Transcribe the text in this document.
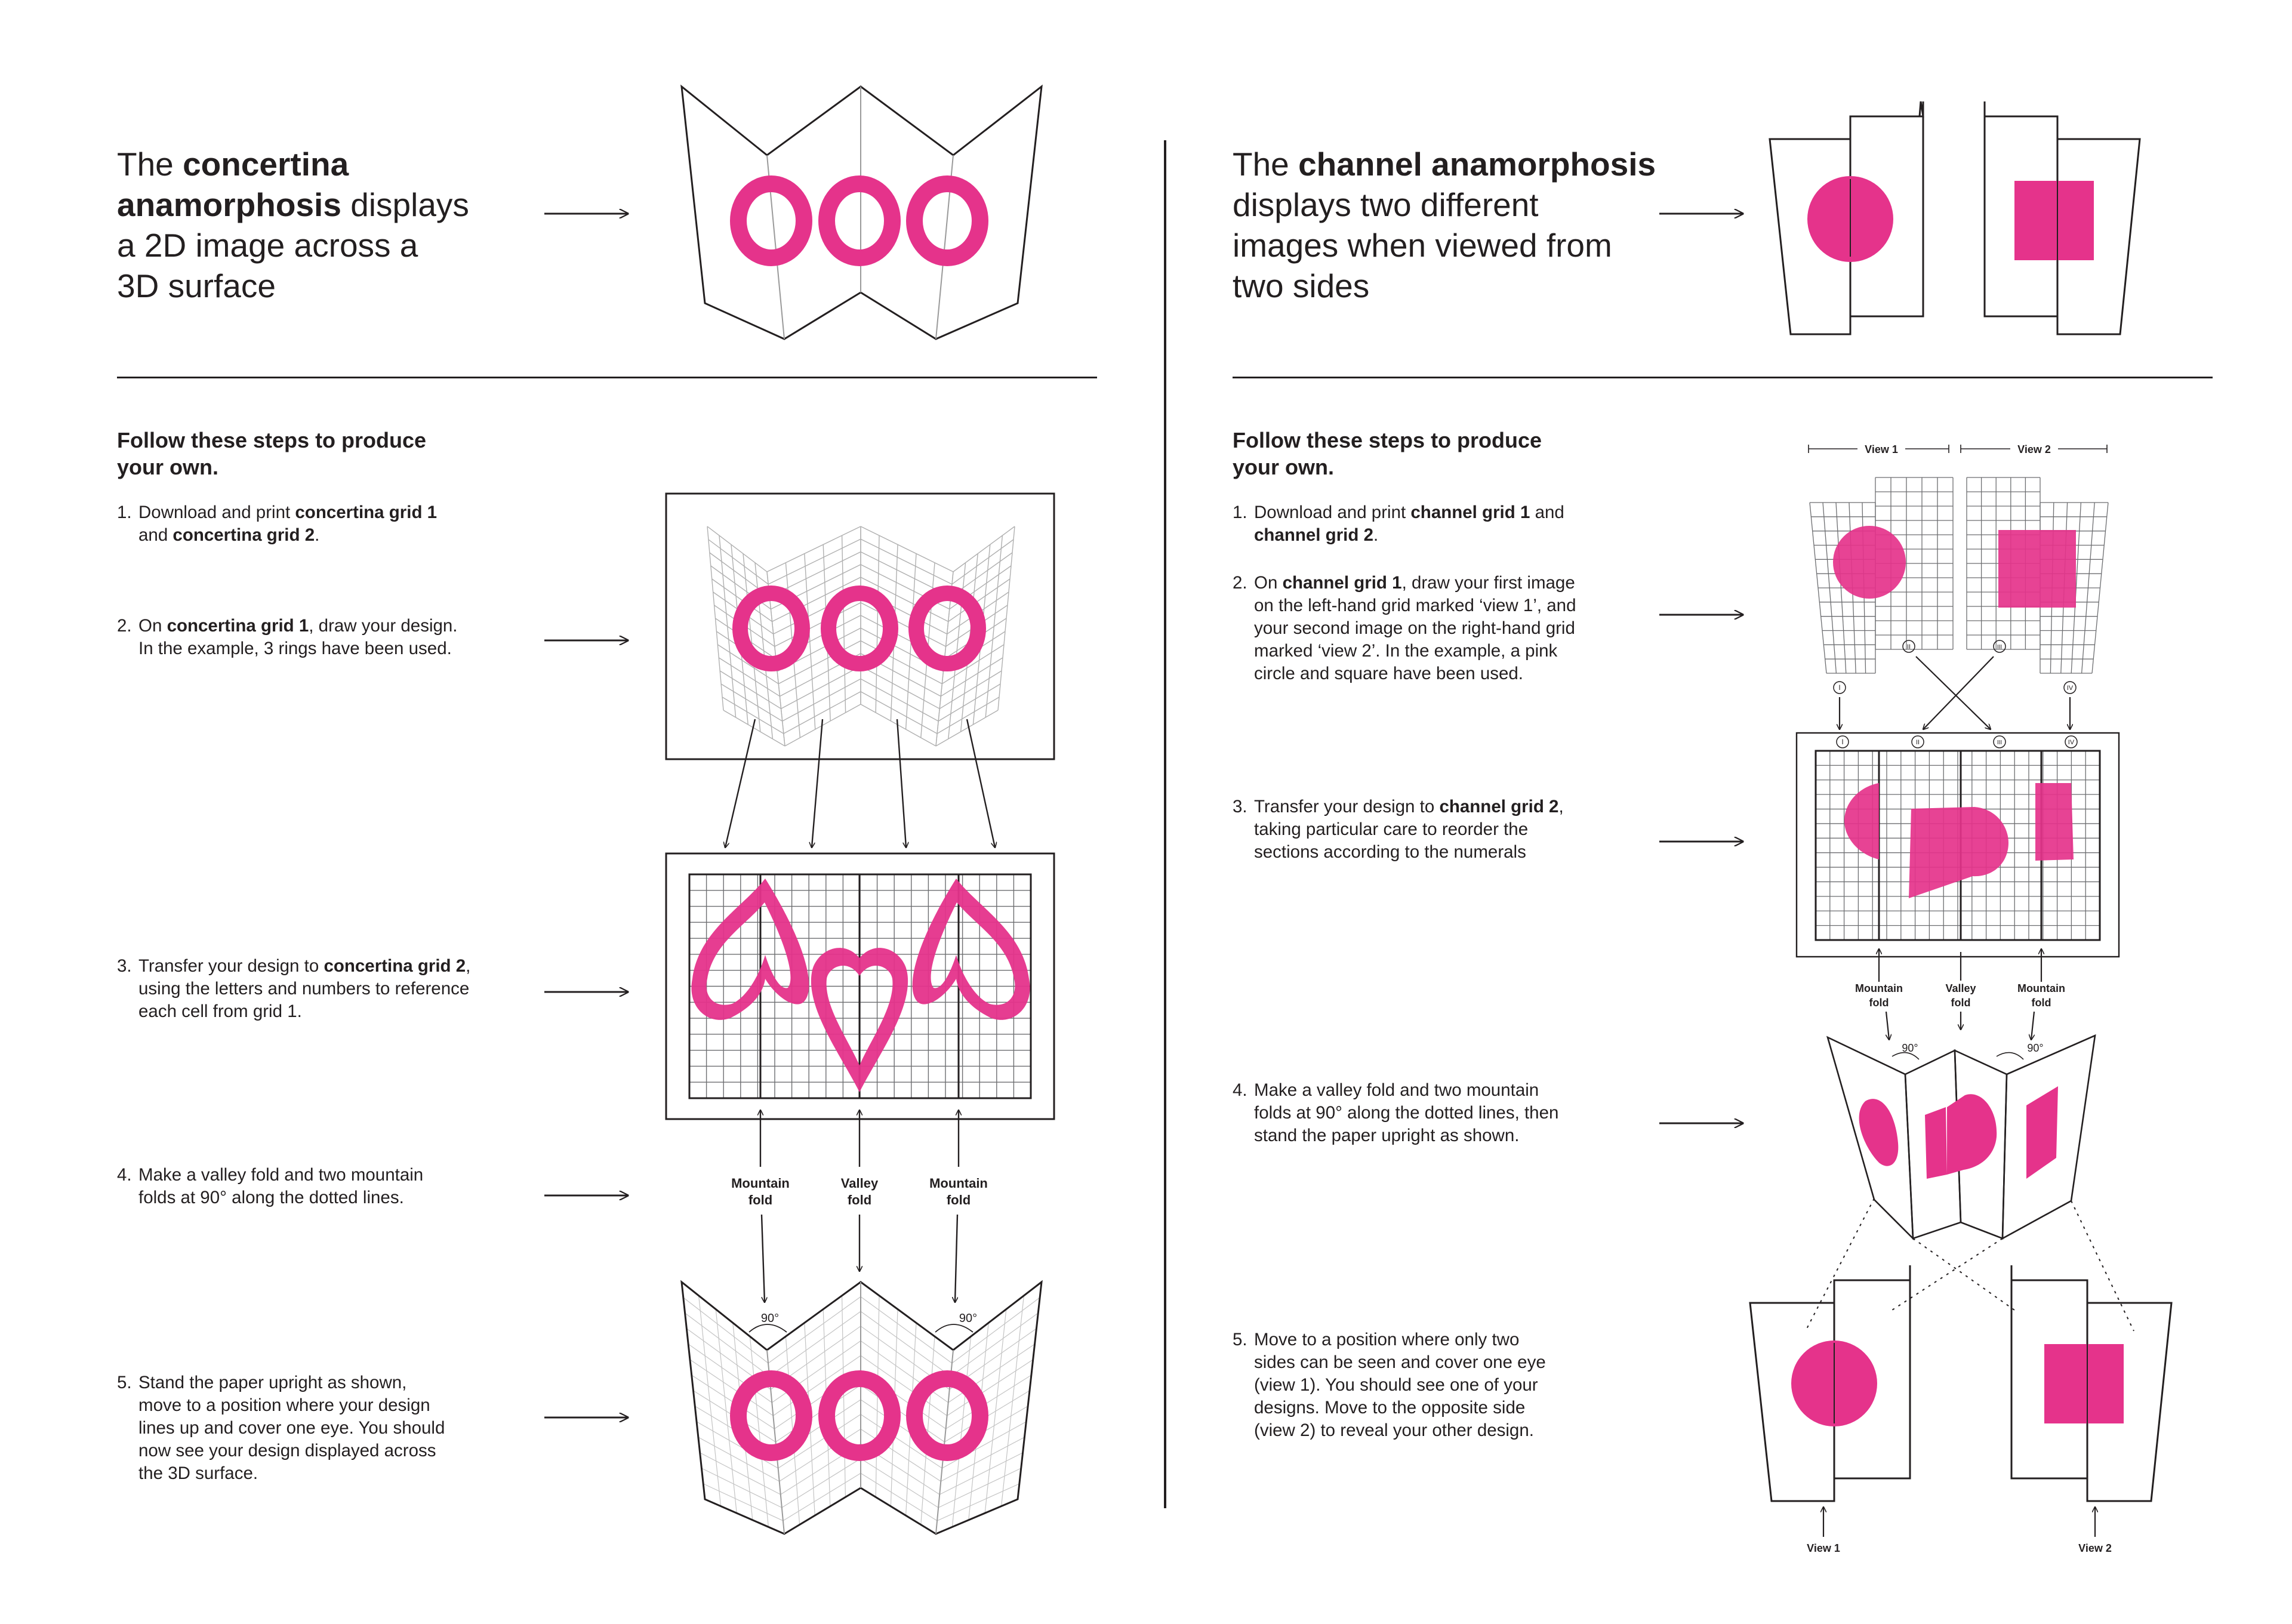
The concertina
anamorphosis displays
a 2D image across a
3D surface
The channel anamorphosis
displays two different
images when viewed from
two sides
Follow these steps to produce
your own.
Follow these steps to produce
your own.
1. Download and print concertina grid 1
and concertina grid 2.
2. On concertina grid 1, draw your design.
In the example, 3 rings have been used.
3. Transfer your design to concertina grid 2,
using the letters and numbers to reference
each cell from grid 1.
4. Make a valley fold and two mountain
folds at 90° along the dotted lines.
5. Stand the paper upright as shown,
move to a position where your design
lines up and cover one eye. You should
now see your design displayed across
the 3D surface.
1. Download and print channel grid 1 and
channel grid 2.
2. On channel grid 1, draw your first image
on the left-hand grid marked ‘view 1’, and
your second image on the right-hand grid
marked ‘view 2’. In the example, a pink
circle and square have been used.
3. Transfer your design to channel grid 2,
taking particular care to reorder the
sections according to the numerals
4. Make a valley fold and two mountain
folds at 90° along the dotted lines, then
stand the paper upright as shown.
5. Move to a position where only two
sides can be seen and cover one eye
(view 1). You should see one of your
designs. Move to the opposite side
(view 2) to reveal your other design.
Mountain fold
Valley fold
Mountain fold
90°	90°
View 1	View 2
I
II	III
IV
I	II	III	IV
Mountain fold
Valley fold
Mountain fold
90°	90°
View 1	View 2
